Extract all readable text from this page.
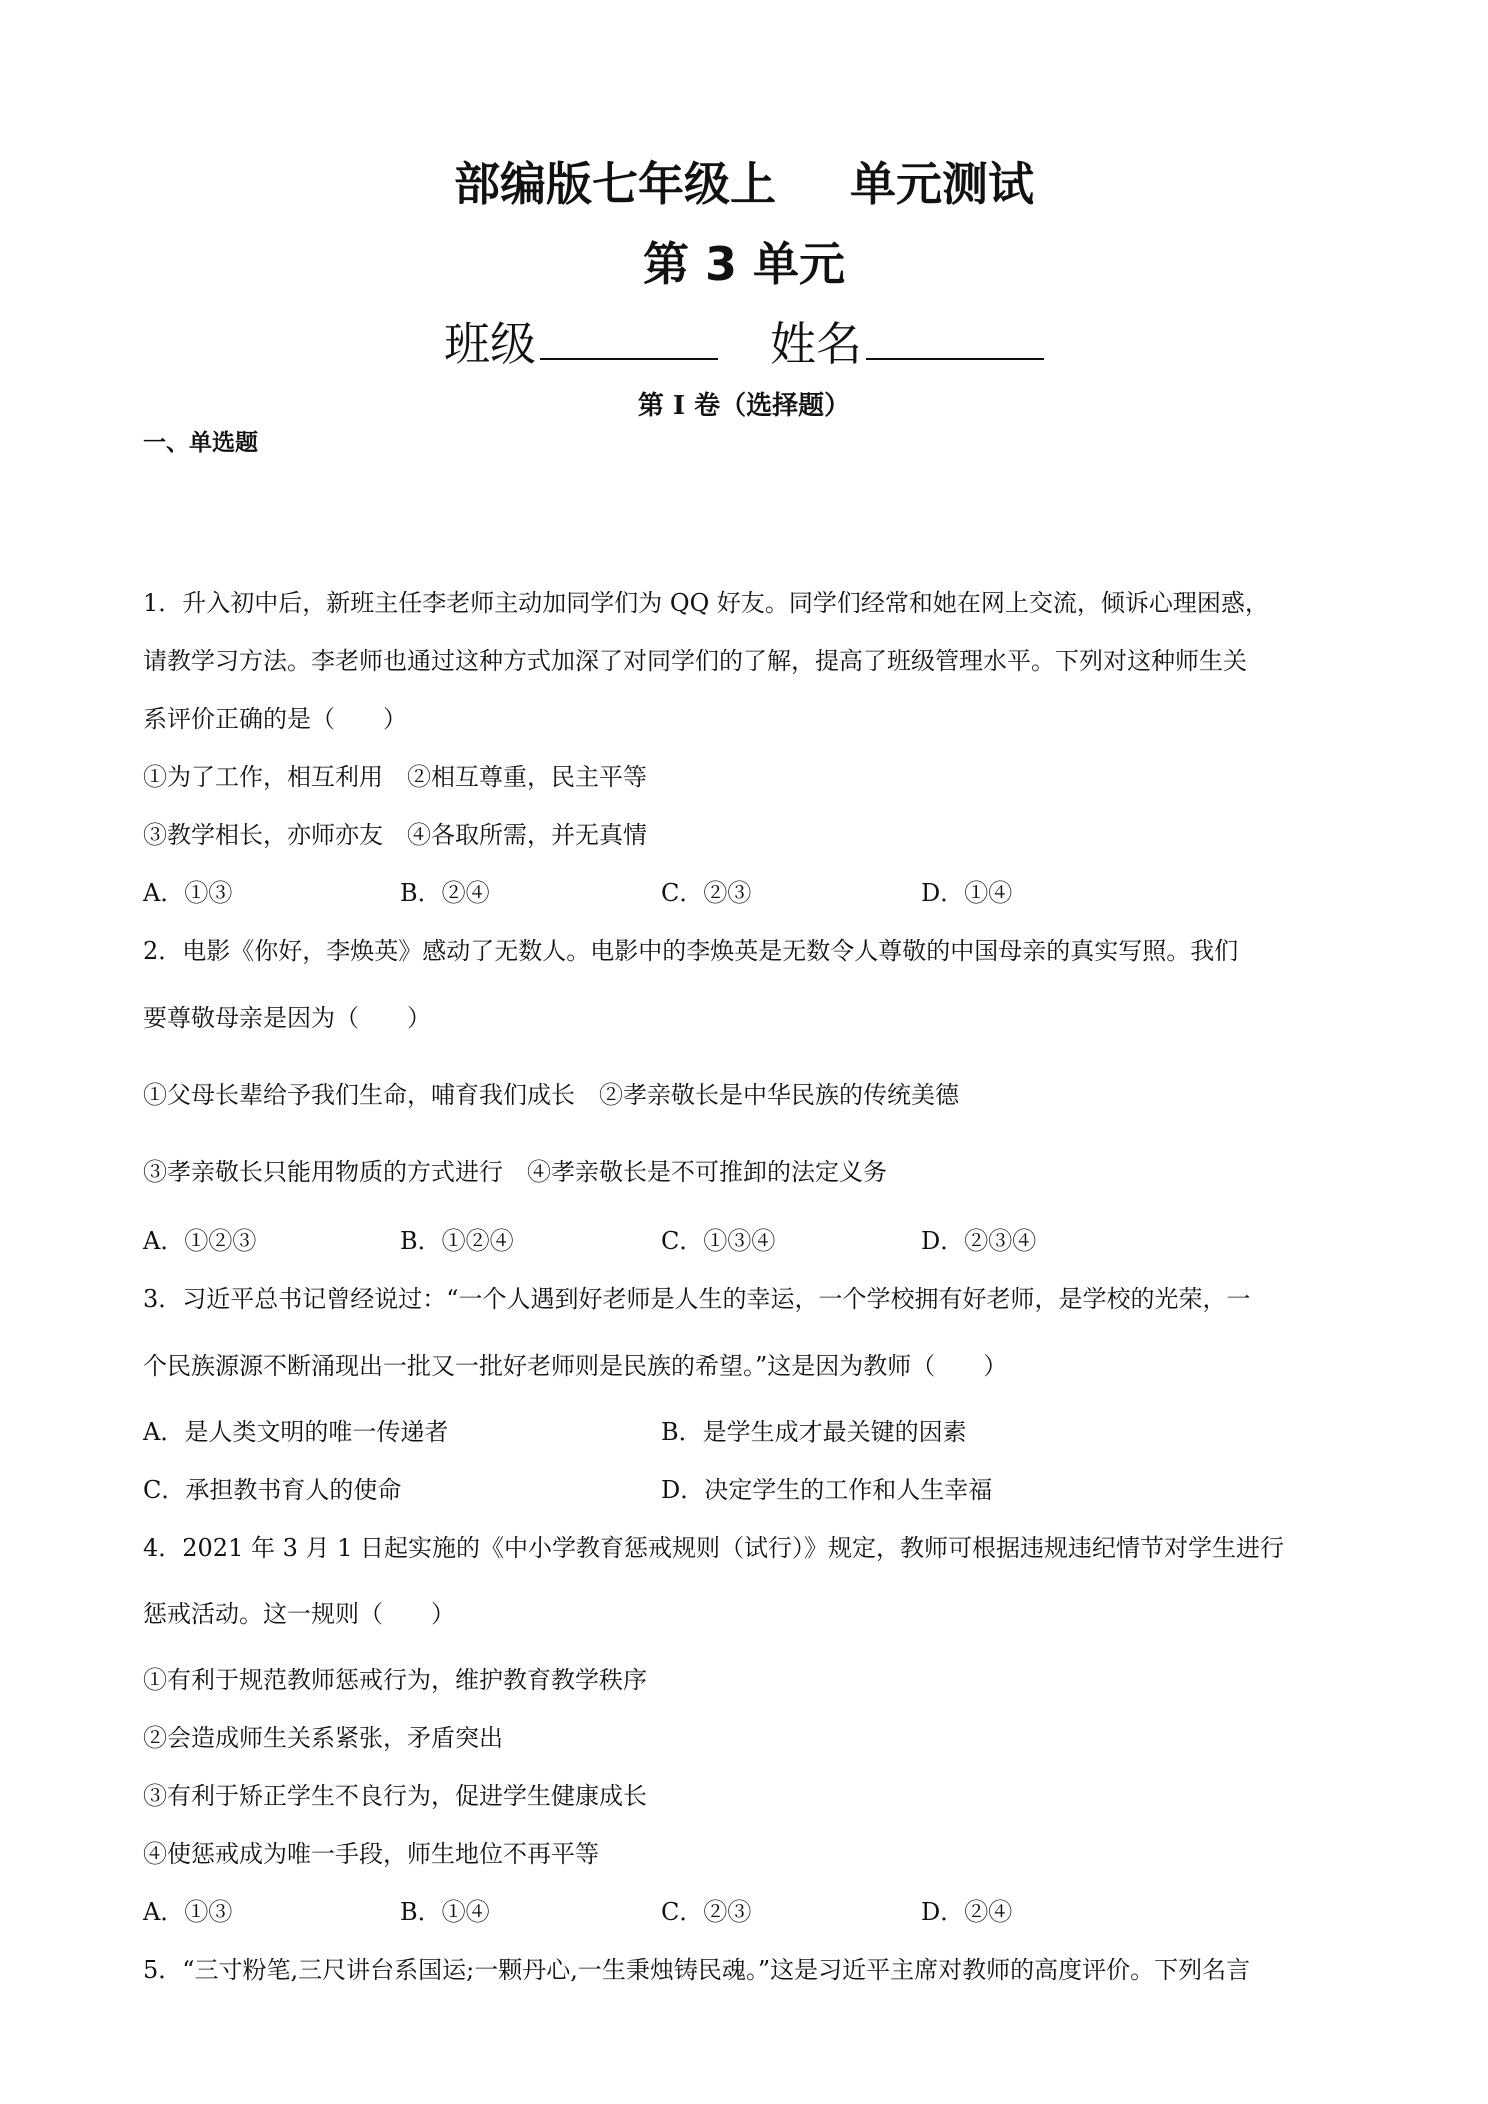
部编版七年级上 单元测试
第 3 单元
班级	姓名
第 I 卷（选择题）
一、单选题
1．升入初中后，新班主任李老师主动加同学们为 QQ 好友。同学们经常和她在网上交流，倾诉心理困惑，
请教学习方法。李老师也通过这种方式加深了对同学们的了解，提高了班级管理水平。下列对这种师生关
系评价正确的是（　　）
①为了工作，相互利用　②相互尊重，民主平等
③教学相长，亦师亦友　④各取所需，并无真情
A．①③	B．②④	C．②③	D．①④
2．电影《你好，李焕英》感动了无数人。电影中的李焕英是无数令人尊敬的中国母亲的真实写照。我们
要尊敬母亲是因为（　　）
①父母长辈给予我们生命，哺育我们成长　②孝亲敬长是中华民族的传统美德
③孝亲敬长只能用物质的方式进行　④孝亲敬长是不可推卸的法定义务
A．①②③	B．①②④	C．①③④	D．②③④
3．习近平总书记曾经说过：“一个人遇到好老师是人生的幸运，一个学校拥有好老师，是学校的光荣，一
个民族源源不断涌现出一批又一批好老师则是民族的希望。”这是因为教师（　　）
A．是人类文明的唯一传递者	B．是学生成才最关键的因素
C．承担教书育人的使命	D．决定学生的工作和人生幸福
4．2021 年 3 月 1 日起实施的《中小学教育惩戒规则（试行）》规定，教师可根据违规违纪情节对学生进行
惩戒活动。这一规则（　　）
①有利于规范教师惩戒行为，维护教育教学秩序
②会造成师生关系紧张，矛盾突出
③有利于矫正学生不良行为，促进学生健康成长
④使惩戒成为唯一手段，师生地位不再平等
A．①③	B．①④	C．②③	D．②④
5．“三寸粉笔,三尺讲台系国运;一颗丹心,一生秉烛铸民魂。”这是习近平主席对教师的高度评价。下列名言
